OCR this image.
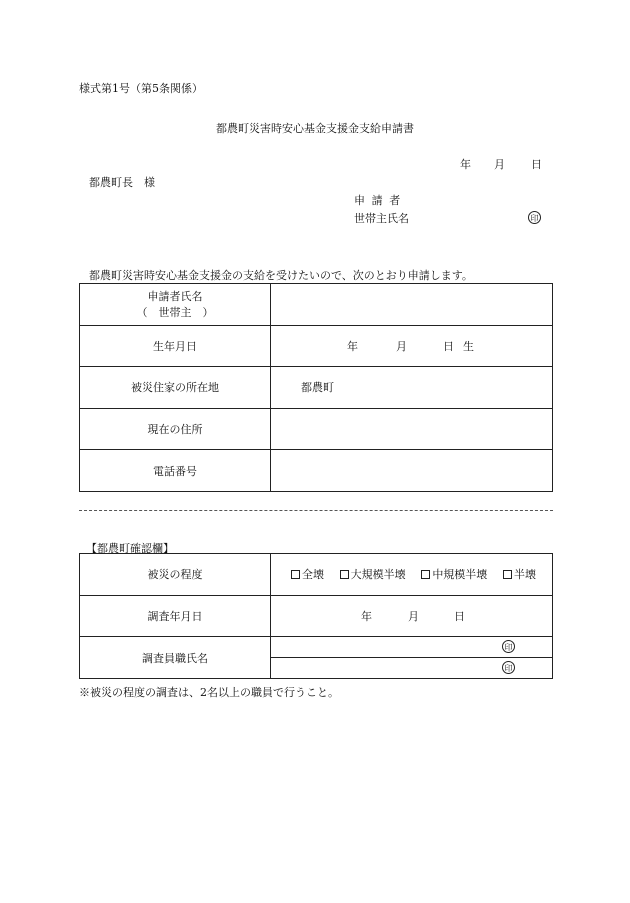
様式第1号（第5条関係）
都農町災害時安心基金支援金支給申請書
年 月 日
都農町長　様
申請者
世帯主氏名	印
都農町災害時安心基金支援金の支給を受けたいので、次のとおり申請します。
申請者氏名
（　世帯主　）	

生年月日	年 月 日 生
被災住家の所在地	都農町
現在の住所	
電話番号	
【都農町確認欄】
被災の程度	全壊 大規模半壊 中規模半壊 半壊

調査年月日	年 月 日
調査員職氏名	印

	印
※被災の程度の調査は、2名以上の職員で行うこと。
